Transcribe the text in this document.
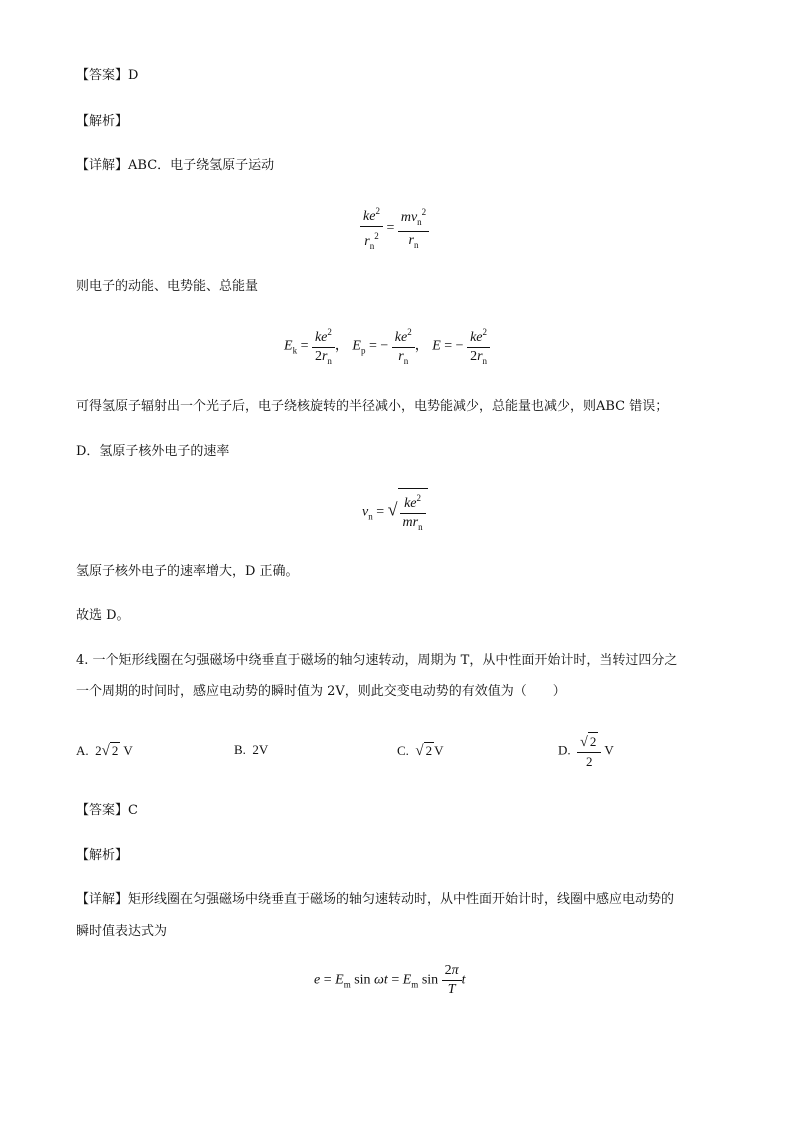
【答案】D
【解析】
【详解】ABC．电子绕氢原子运动
$\frac{ke^2}{r_n^2} = \frac{mv_n^2}{r_n}$
则电子的动能、电势能、总能量
$E_k = \frac{ke^2}{2r_n}$ ， $E_p$ = − $\frac{ke^2}{r_n}$ ， E = − $\frac{ke^2}{2r_n}$
可得氢原子辐射出一个光子后，电子绕核旋转的半径减小，电势能减少，总能量也减少，则ABC 错误；
D．氢原子核外电子的速率
$v_n$ = √ $\frac{ke^2}{mr_n}$
氢原子核外电子的速率增大，D 正确。
故选 D。
4. 一个矩形线圈在匀强磁场中绕垂直于磁场的轴匀速转动，周期为 T，从中性面开始计时，当转过四分之
一个周期的时间时，感应电动势的瞬时值为 2V，则此交变电动势的有效值为（　　）
A.  2√ 2 V	B. 2V	C. √ 2 V	D. $\frac{√ 2}{2}$ V
【答案】C
【解析】
【详解】矩形线圈在匀强磁场中绕垂直于磁场的轴匀速转动时，从中性面开始计时，线圈中感应电动势的
瞬时值表达式为
$e = E_m$ $\sin \omega t = E_m$ $\sin \frac{2\pi}{T}$ t
